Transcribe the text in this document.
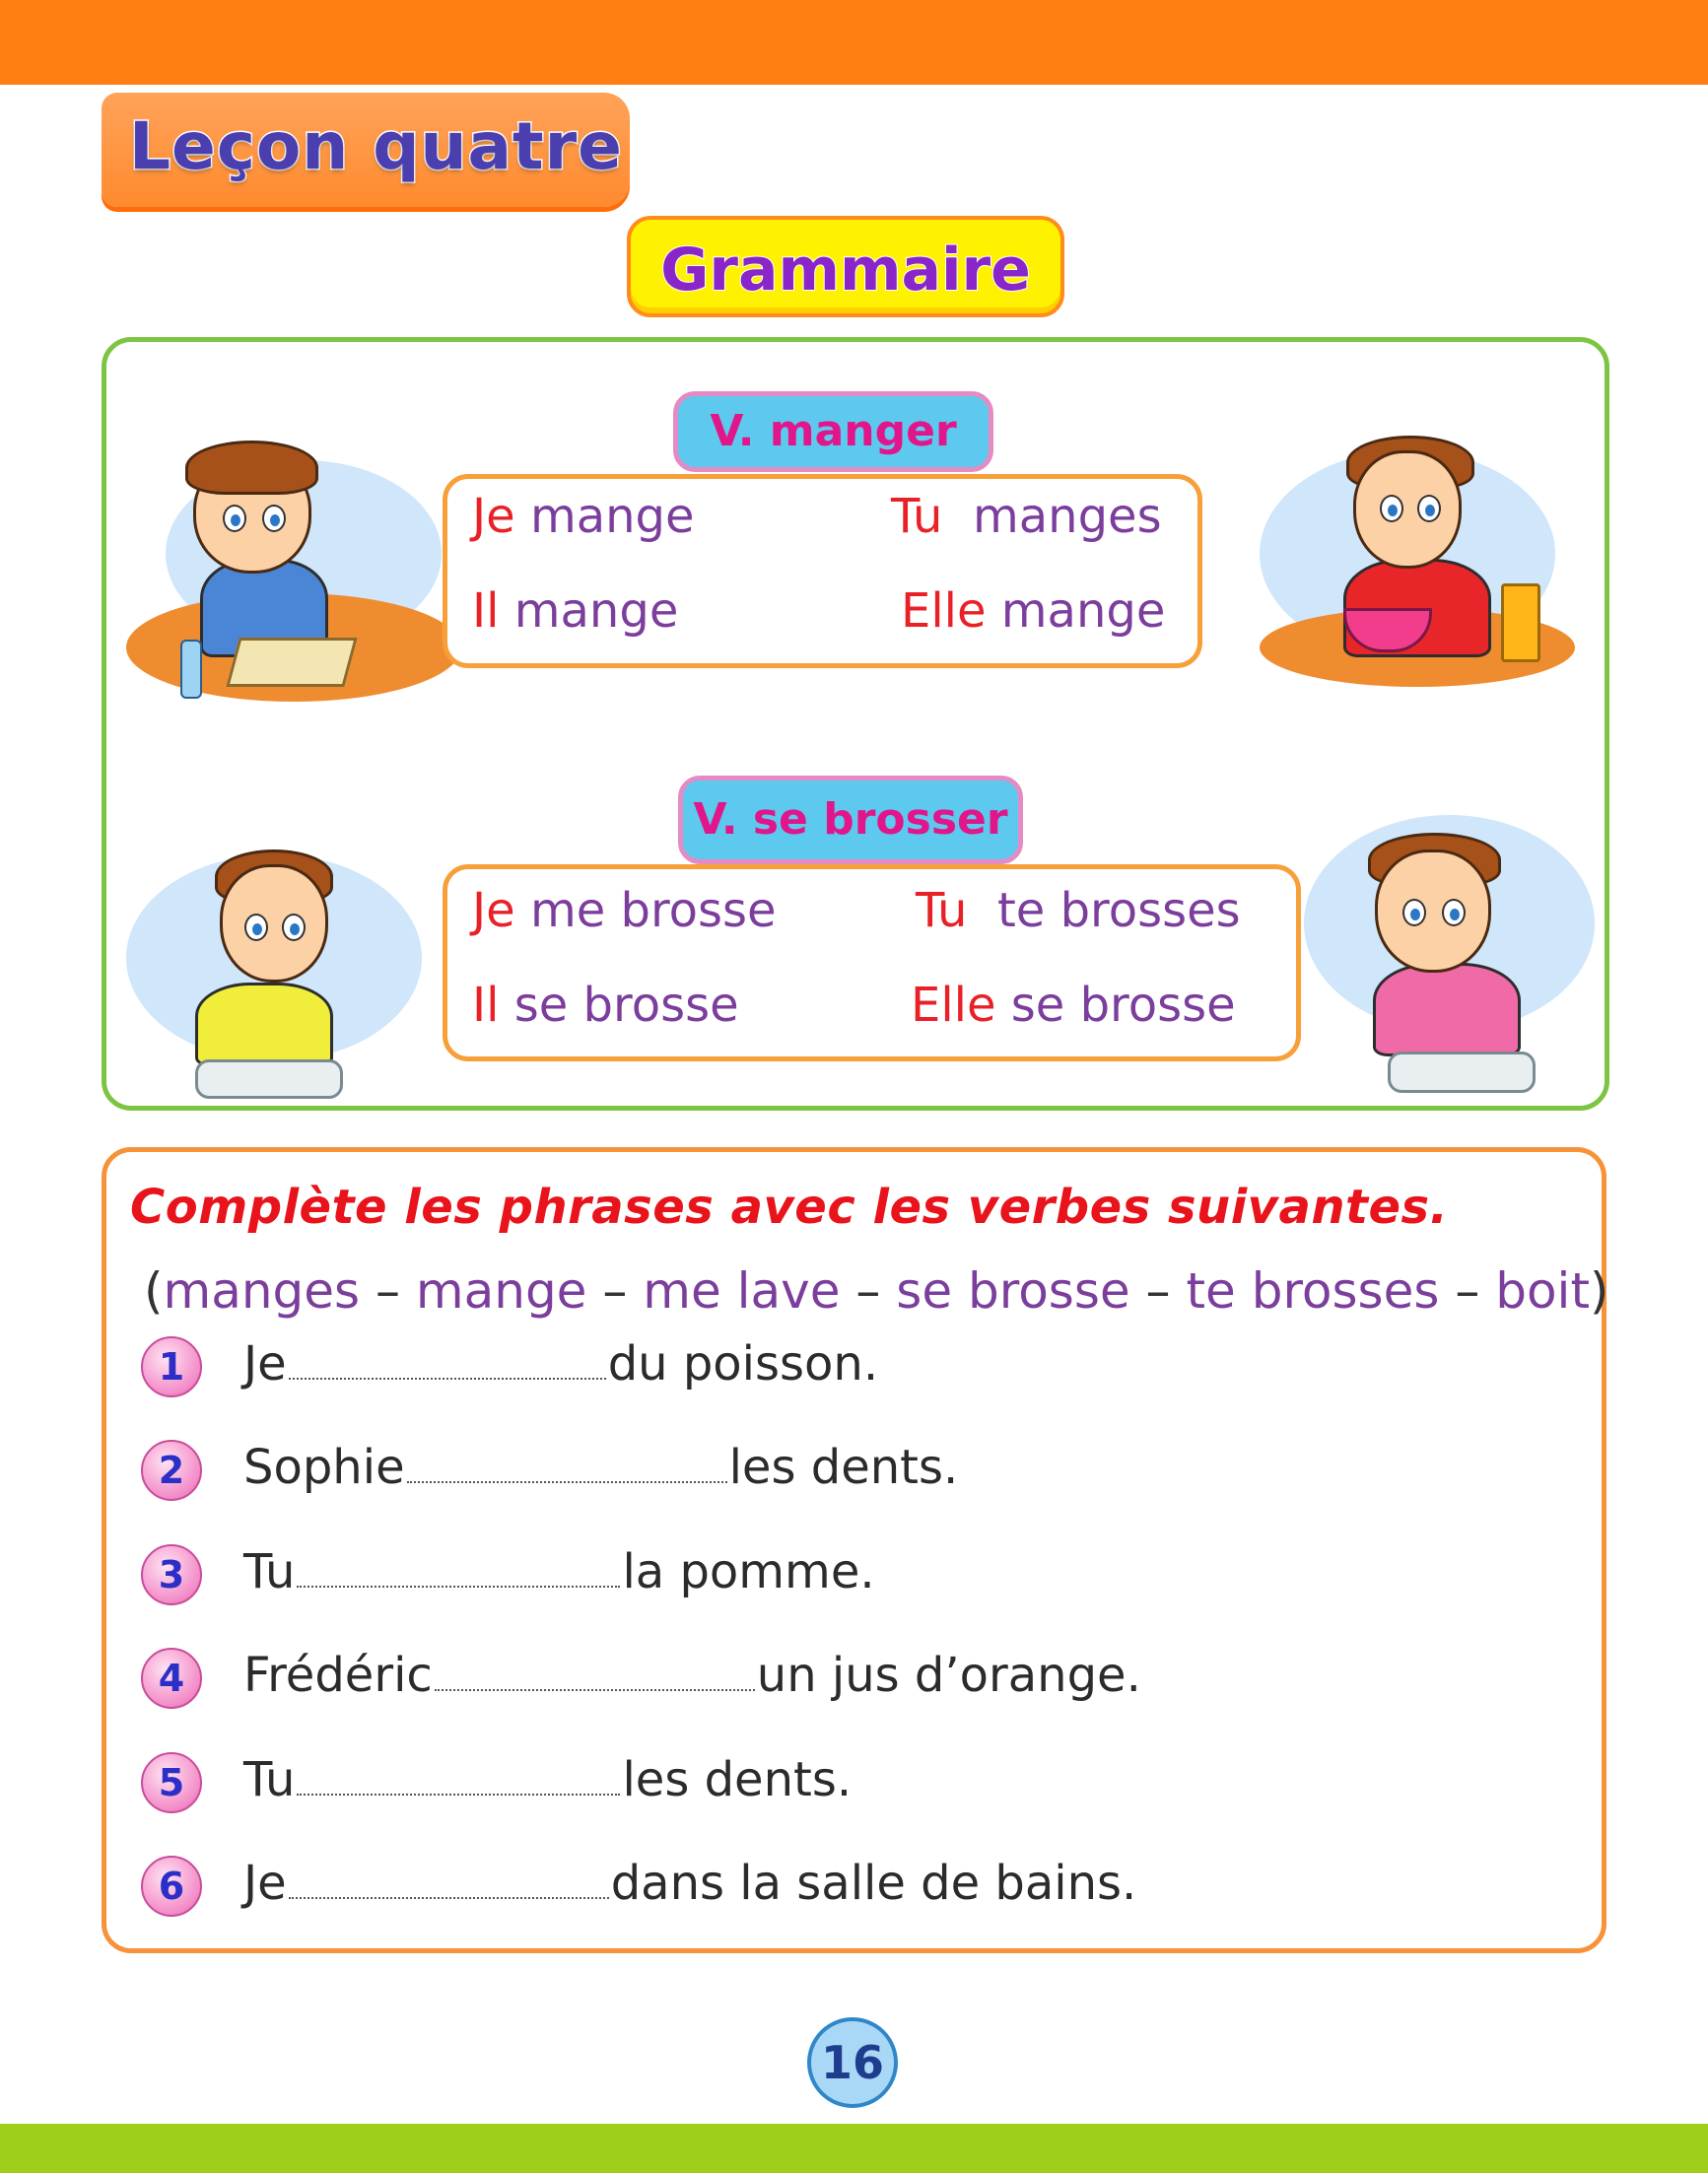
Leçon quatre
Grammaire
V. manger
Je mange	Tu  manges
Il mange	Elle mange
V. se brosser
Je me brosse	Tu  te brosses
Il se brosse	Elle se brosse
Complète les phrases avec les verbes suivantes.
(manges – mange – me lave – se brosse – te brosses – boit)
1	Je	du poisson.
2	Sophie	les dents.
3	Tu	la pomme.
4	Frédéric	un jus d’orange.
5	Tu	les dents.
6	Je	dans la salle de bains.
16
